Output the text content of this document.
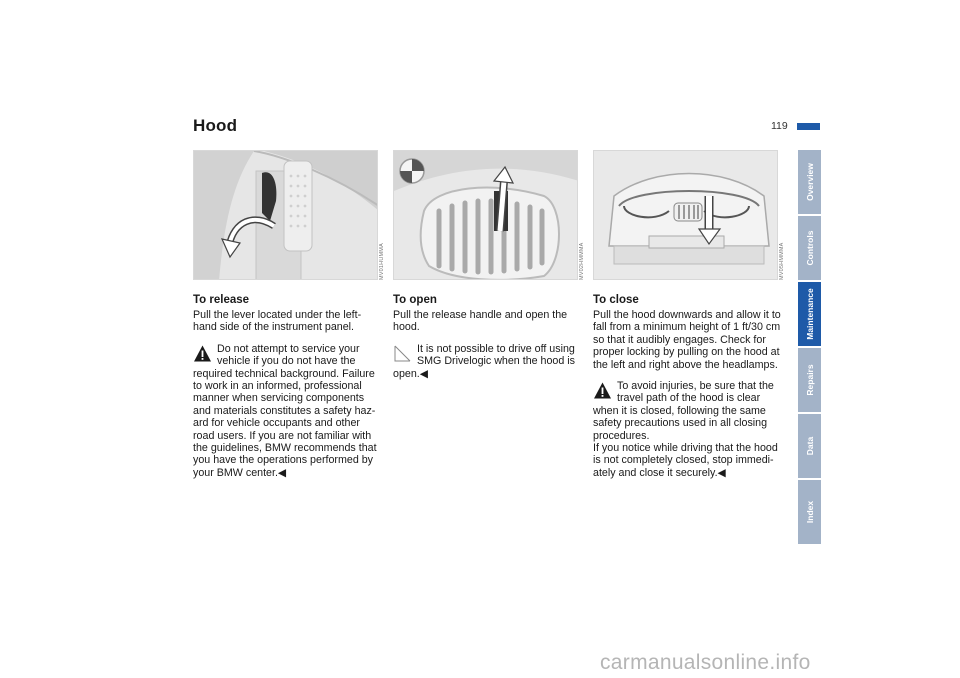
Hood	119
MV01HUMMA	MV02HMMMA	MV05HMMMA
To release

Pull the lever located under the left-hand side of the instrument panel.

Do not attempt to service your vehicle if you do not have the
required technical background. Failure to work in an informed, professional manner when servicing components and materials constitutes a safety haz-ard for vehicle occupants and other road users. If you are not familiar with the guidelines, BMW recommends that you have the operations performed by your BMW center.◀
To open

Pull the release handle and open the hood.

It is not possible to drive off using SMG Drivelogic when the hood is
open.◀
To close

Pull the hood downwards and allow it to fall from a minimum height of 1 ft/30 cm so that it audibly engages. Check for proper locking by pulling on the hood at the left and right above the headlamps.

To avoid injuries, be sure that the travel path of the hood is clear
when it is closed, following the same safety precautions used in all closing procedures.

If you notice while driving that the hood is not completely closed, stop immedi-ately and close it securely.◀

Overview
Controls
Maintenance
Repairs
Data
Index
carmanualsonline.info
